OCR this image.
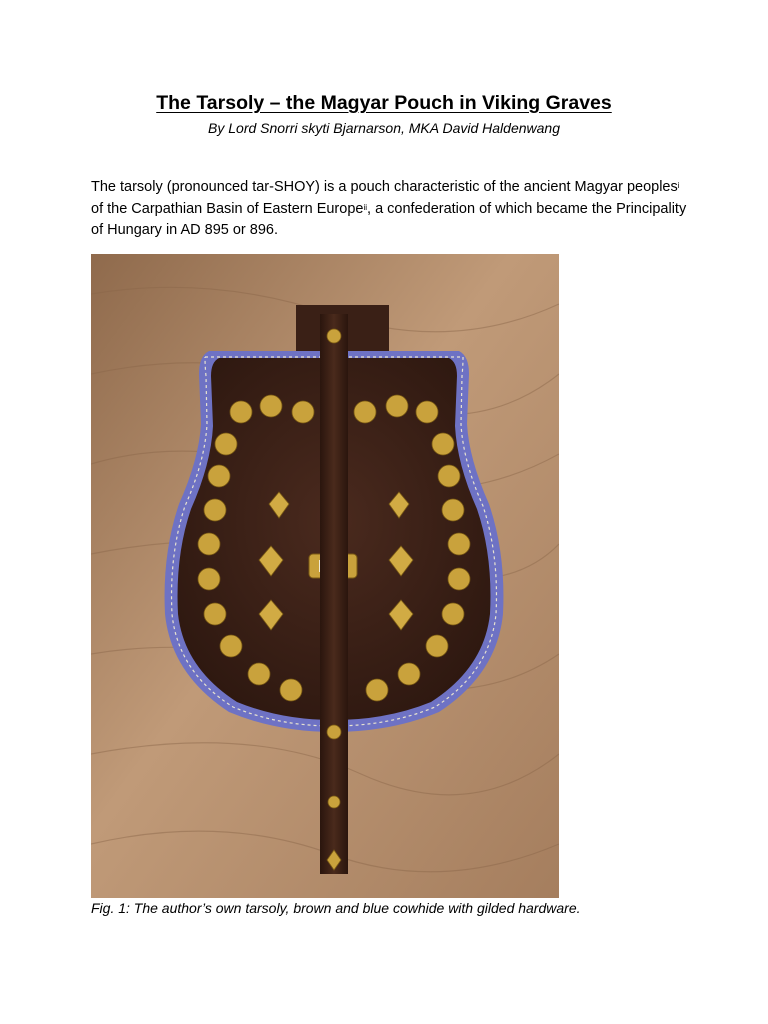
The Tarsoly – the Magyar Pouch in Viking Graves
By Lord Snorri skyti Bjarnarson, MKA David Haldenwang
The tarsoly (pronounced tar-SHOY) is a pouch characteristic of the ancient Magyar peoples$^i$ of the Carpathian Basin of Eastern Europe$^{ii}$, a confederation of which became the Principality of Hungary in AD 895 or 896.
Fig. 1: The author’s own tarsoly, brown and blue cowhide with gilded hardware.
